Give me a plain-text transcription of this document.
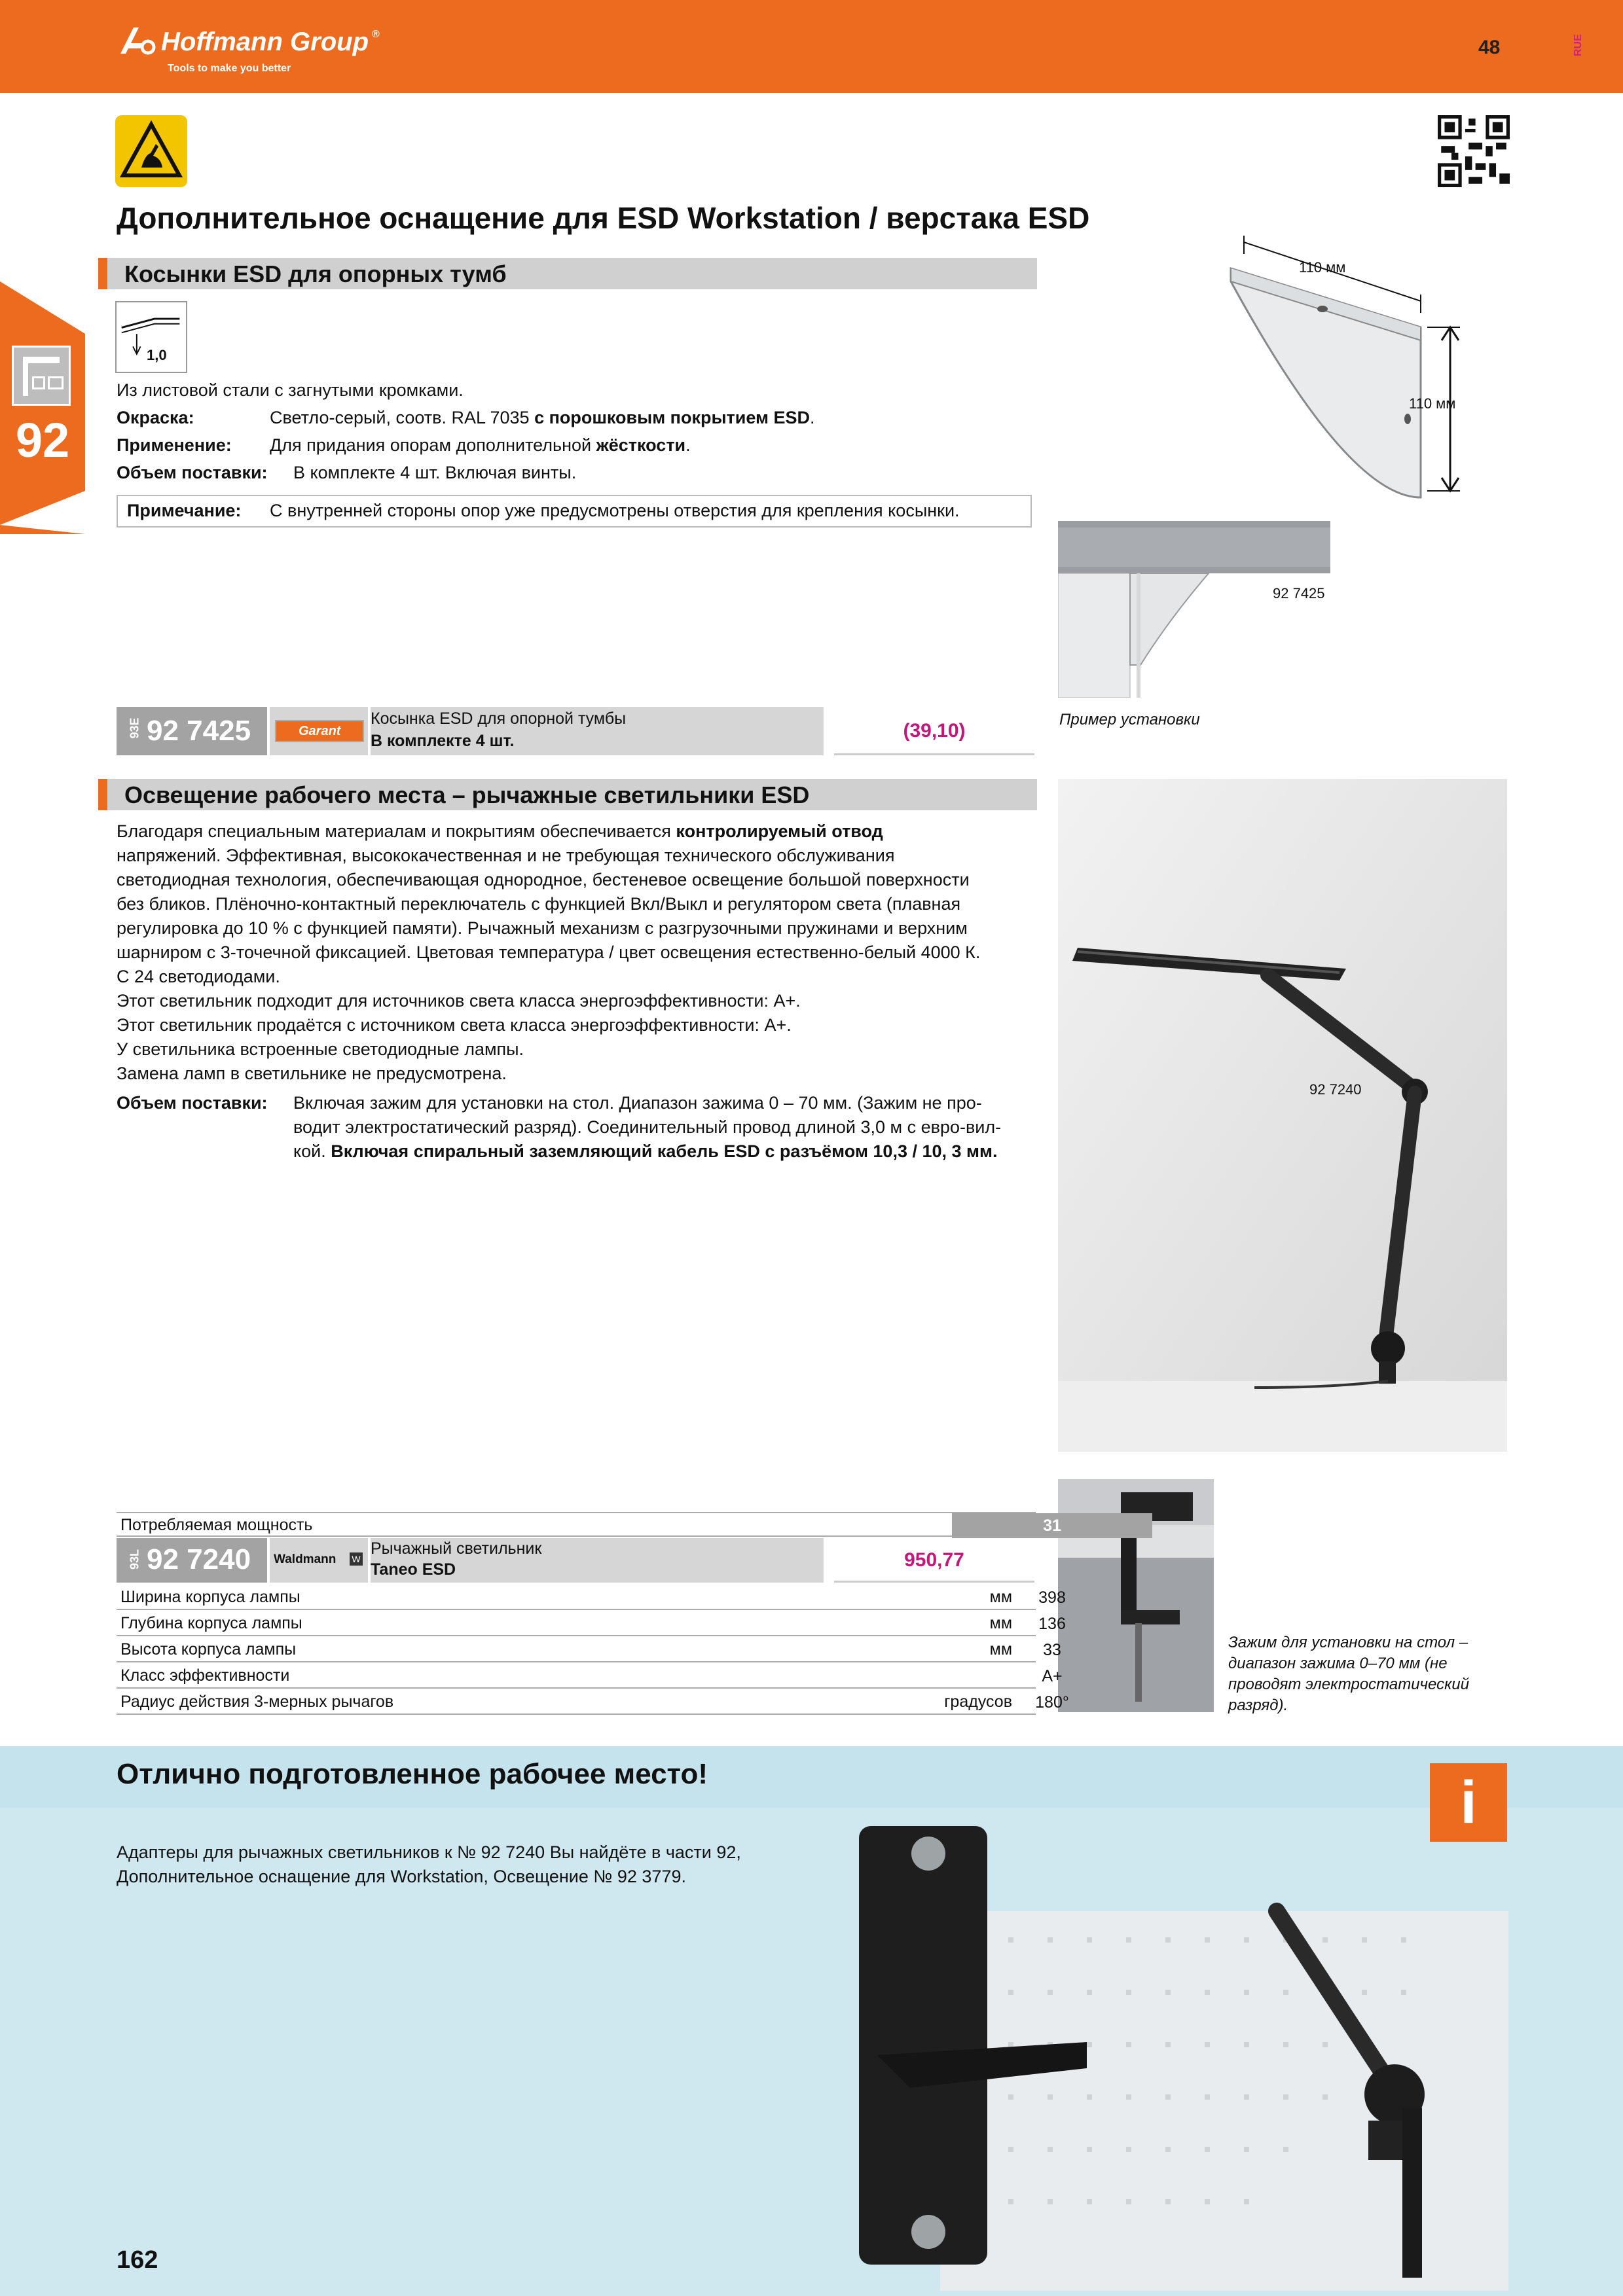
Hoffmann Group ®
Tools to make you better
48	RUE
92
Дополнительное оснащение для ESD Workstation / верстака ESD
Косынки ESD для опорных тумб
1,0
Из листовой стали с загнутыми кромками.
Окраска:	Светло-серый, соотв. RAL 7035 с порошковым покрытием ESD.
Применение: Для придания опорам дополнительной жёсткости.
Объем поставки: В комплекте 4 шт. Включая винты.
Примечание: С внутренней стороны опор уже предусмотрены отверстия для крепления косынки.
110 мм
110 мм
92 7425
Пример установки
93E 92 7425	Garant
Косынка ESD для опорной тумбы
В комплекте 4 шт.	(39,10)
Освещение рабочего места – рычажные светильники ESD
Благодаря специальным материалам и покрытиям обеспечивается контролируемый отвод
напряжений. Эффективная, высококачественная и не требующая технического обслуживания
светодиодная технология, обеспечивающая однородное, бестеневое освещение большой поверхности
без бликов. Плёночно-контактный переключатель с функцией Вкл/Выкл и регулятором света (плавная
регулировка до 10 % с функцией памяти). Рычажный механизм с разгрузочными пружинами и верхним
шарниром с 3-точечной фиксацией. Цветовая температура / цвет освещения естественно-белый 4000 К.
С 24 светодиодами.
Этот светильник подходит для источников света класса энергоэффективности: A+.
Этот светильник продаётся с источником света класса энергоэффективности: A+.
У светильника встроенные светодиодные лампы.
Замена ламп в светильнике не предусмотрена.
Объем поставки: Включая зажим для установки на стол. Диапазон зажима 0 – 70 мм. (Зажим не про-
водит электростатический разряд). Соединительный провод длиной 3,0 м с евро-вил-
кой. Включая спиральный заземляющий кабель ESD с разъёмом 10,3 / 10, 3 мм.
92 7240
Зажим для установки на стол – диапазон зажима 0–70 мм (не проводят электростатический разряд).
Потребляемая мощность	31
93L 92 7240 Waldmann W
Рычажный светильник
Taneo ESD	950,77
Ширина корпуса лампы	мм	398
Глубина корпуса лампы	мм	136
Высота корпуса лампы	мм	33
Класс эффективности	A+
Радиус действия 3-мерных рычагов	градусов	180°
Отлично подготовленное рабочее место!	i
Адаптеры для рычажных светильников к № 92 7240 Вы найдёте в части 92,
Дополнительное оснащение для Workstation, Освещение № 92 3779.
162
